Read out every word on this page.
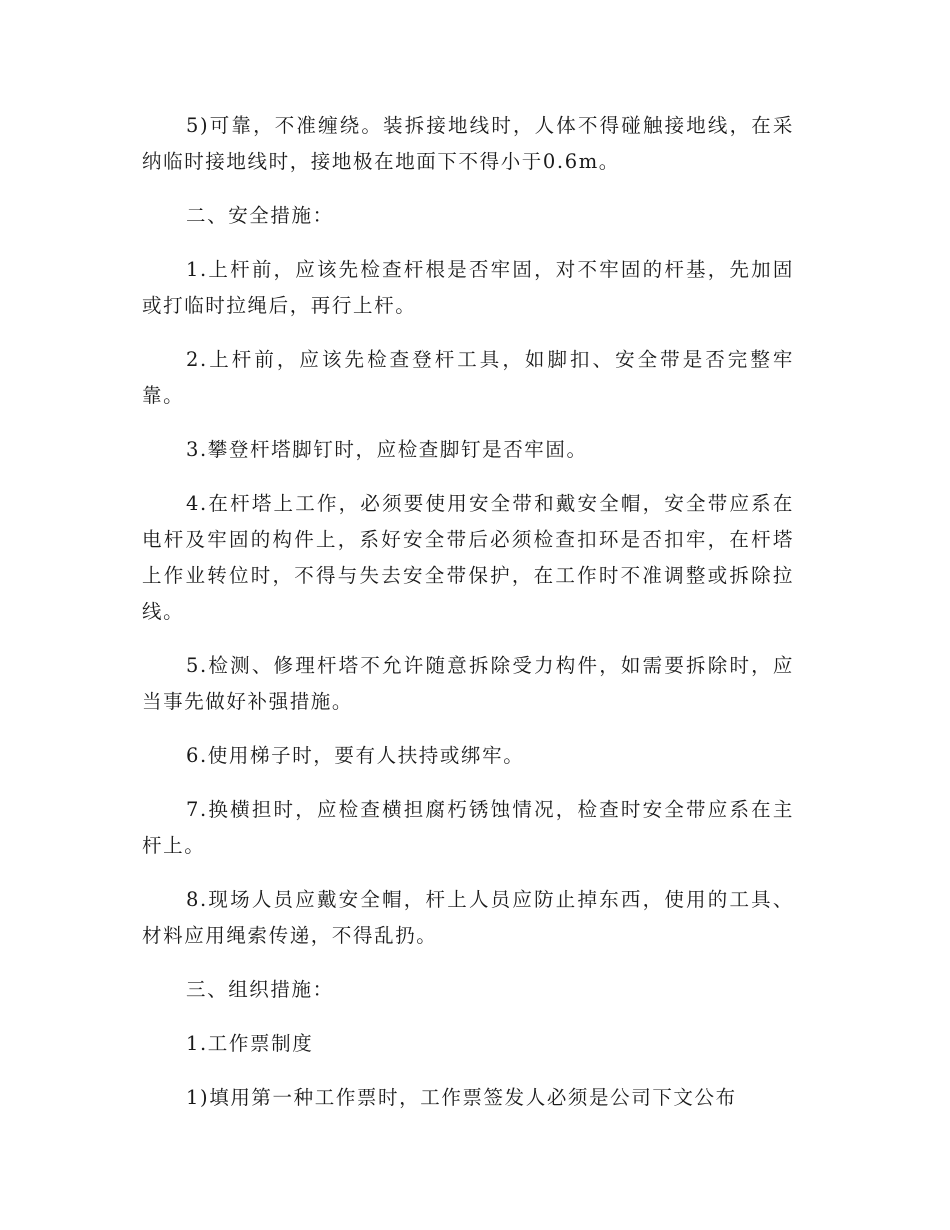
5)可靠，不准缠绕。装拆接地线时，人体不得碰触接地线，在采纳临时接地线时，接地极在地面下不得小于0.6m。

二、安全措施：

1.上杆前，应该先检查杆根是否牢固，对不牢固的杆基，先加固或打临时拉绳后，再行上杆。

2.上杆前，应该先检查登杆工具，如脚扣、安全带是否完整牢靠。

3.攀登杆塔脚钉时，应检查脚钉是否牢固。

4.在杆塔上工作，必须要使用安全带和戴安全帽，安全带应系在电杆及牢固的构件上，系好安全带后必须检查扣环是否扣牢，在杆塔上作业转位时，不得与失去安全带保护，在工作时不准调整或拆除拉线。

5.检测、修理杆塔不允许随意拆除受力构件，如需要拆除时，应当事先做好补强措施。

6.使用梯子时，要有人扶持或绑牢。

7.换横担时，应检查横担腐朽锈蚀情况，检查时安全带应系在主杆上。

8.现场人员应戴安全帽，杆上人员应防止掉东西，使用的工具、材料应用绳索传递，不得乱扔。

三、组织措施：

1.工作票制度

1)填用第一种工作票时，工作票签发人必须是公司下文公布
